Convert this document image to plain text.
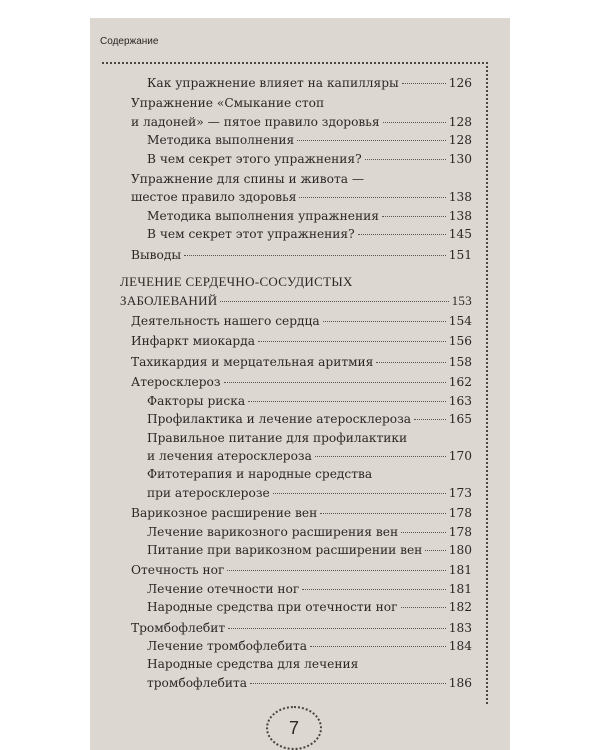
Содержание
Как упражнение влияет на капилляры	126
Упражнение «Смыкание стоп
и ладоней» — пятое правило здоровья	128
Методика выполнения	128
В чем секрет этого упражнения?	130
Упражнение для спины и живота —
шестое правило здоровья	138
Методика выполнения упражнения	138
В чем секрет этот упражнения?	145
Выводы	151
ЛЕЧЕНИЕ СЕРДЕЧНО-СОСУДИСТЫХ
ЗАБОЛЕВАНИЙ	153
Деятельность нашего сердца	154
Инфаркт миокарда	156
Тахикардия и мерцательная аритмия	158
Атеросклероз	162
Факторы риска	163
Профилактика и лечение атеросклероза	165
Правильное питание для профилактики
и лечения атеросклероза	170
Фитотерапия и народные средства
при атеросклерозе	173
Варикозное расширение вен	178
Лечение варикозного расширения вен	178
Питание при варикозном расширении вен 180
Отечность ног	181
Лечение отечности ног	181
Народные средства при отечности ног	182
Тромбофлебит	183
Лечение тромбофлебита	184
Народные средства для лечения
тромбофлебита	186
7
